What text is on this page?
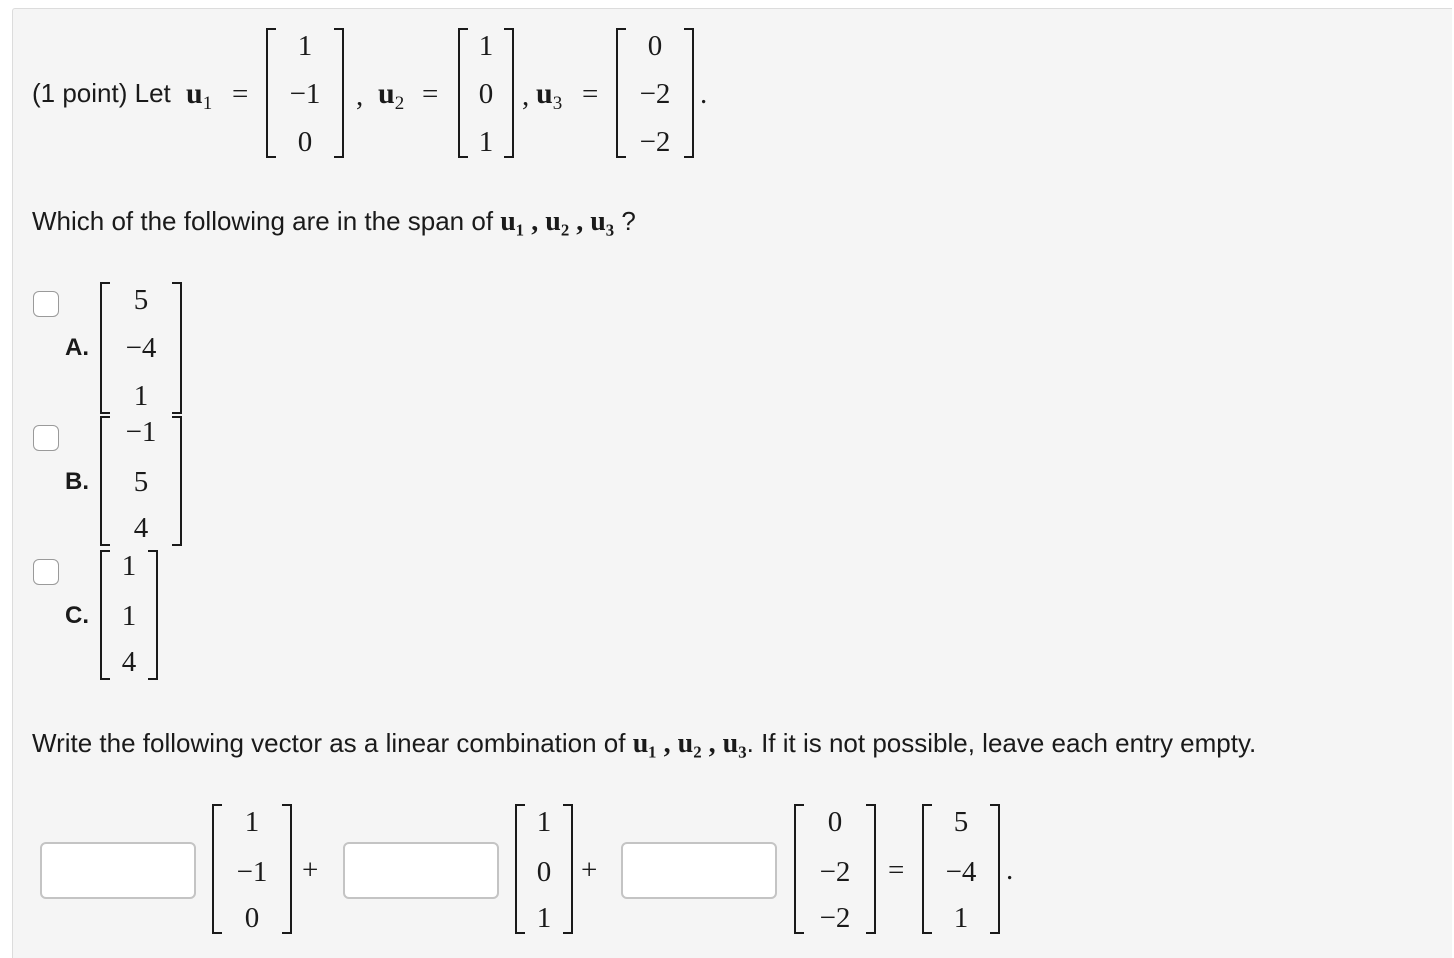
(1 point) Let $u_1$ =
1
−1
0
, $u_2$ =
1
0
1
, $u_3$ =
0
−2
−2
.
Which of the following are in the span of u₁ , u₂ , u₃ ?
A.
5
−4
1
B.
−1
5
4
C.
1
1
4
Write the following vector as a linear combination of u₁ , u₂ , u₃. If it is not possible, leave each entry empty.
1
−1
0
+
1
0
1
+
0
−2
−2
=
5
−4
1
.
